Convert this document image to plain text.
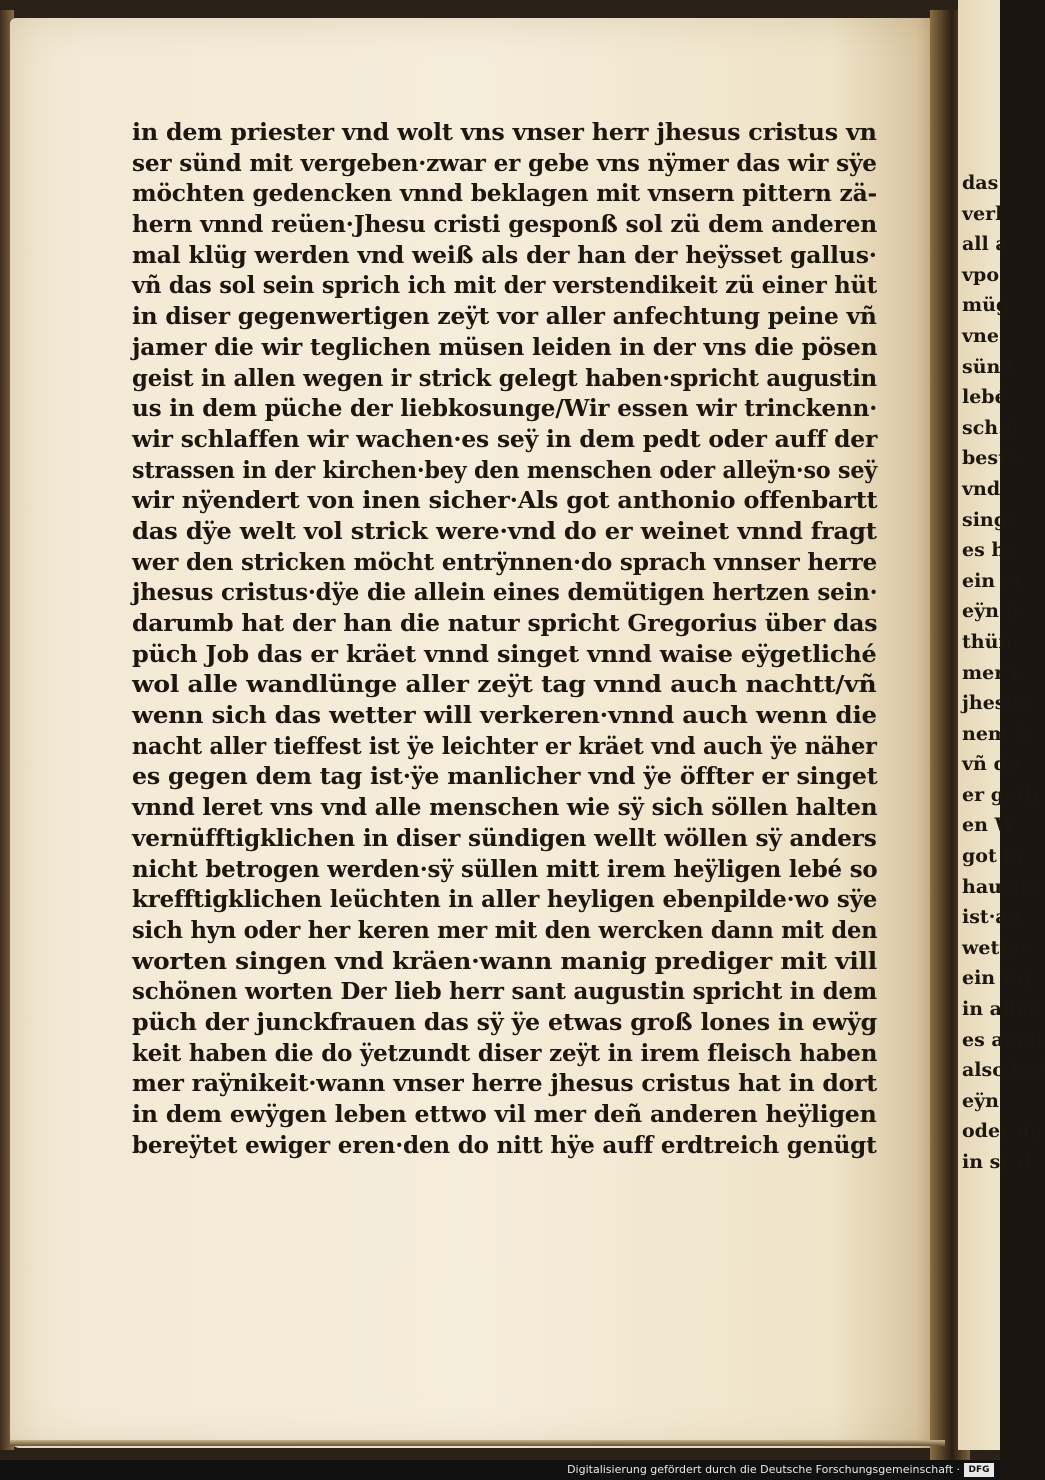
das
verl
all a
vpo.
müg
vne
sünd
lebé
sch.d
beste
vnd
singe
es ha
ein er
eÿn h
thün
mer v
jhesus
nem le
vñ do
er geth
en W
got lo
hausho
ist·au
wetter
ein raÿ
in aller
es auch
also hal
eÿn
oder da
in sÿ d
in dem priester vnd wolt vns vnser herr jhesus cristus vn
ser sünd mit vergeben·zwar er gebe vns nÿmer das wir sÿe
möchten gedencken vnnd beklagen mit vnsern pittern zä-
hern vnnd reüen·Jhesu cristi gesponß sol zü dem anderen
mal klüg werden vnd weiß als der han der heÿsset gallus·
vñ das sol sein sprich ich mit der verstendikeit zü einer hüt
in diser gegenwertigen zeÿt vor aller anfechtung peine vñ
jamer die wir teglichen müsen leiden in der vns die pösen
geist in allen wegen ir strick gelegt haben·spricht augustin
us in dem püche der liebkosunge/Wir essen wir trinckenn·
wir schlaffen wir wachen·es seÿ in dem pedt oder auff der
strassen in der kirchen·bey den menschen oder alleÿn·so seÿ
wir nÿendert von inen sicher·Als got anthonio offenbartt
das dÿe welt vol strick were·vnd do er weinet vnnd fragt
wer den stricken möcht entrÿnnen·do sprach vnnser herre
jhesus cristus·dÿe die allein eines demütigen hertzen sein·
darumb hat der han die natur spricht Gregorius über das
püch Job das er kräet vnnd singet vnnd waise eÿgetliché
wol alle wandlünge aller zeÿt tag vnnd auch nachtt/vñ
wenn sich das wetter will verkeren·vnnd auch wenn die
nacht aller tieffest ist ÿe leichter er kräet vnd auch ÿe näher
es gegen dem tag ist·ÿe manlicher vnd ÿe öffter er singet
vnnd leret vns vnd alle menschen wie sÿ sich söllen halten
vernüfftigklichen in diser sündigen wellt wöllen sÿ anders
nicht betrogen werden·sÿ süllen mitt irem heÿligen lebé so
krefftigklichen leüchten in aller heyligen ebenpilde·wo sÿe
sich hyn oder her keren mer mit den wercken dann mit den
worten singen vnd kräen·wann manig prediger mit vill
schönen worten Der lieb herr sant augustin spricht in dem
püch der junckfrauen das sÿ ÿe etwas groß lones in ewÿg
keit haben die do ÿetzundt diser zeÿt in irem fleisch haben
mer raÿnikeit·wann vnser herre jhesus cristus hat in dort
in dem ewÿgen leben ettwo vil mer deñ anderen heÿligen
bereÿtet ewiger eren·den do nitt hÿe auff erdtreich genügt
Digitalisierung gefördert durch die Deutsche Forschungsgemeinschaft · DFG
